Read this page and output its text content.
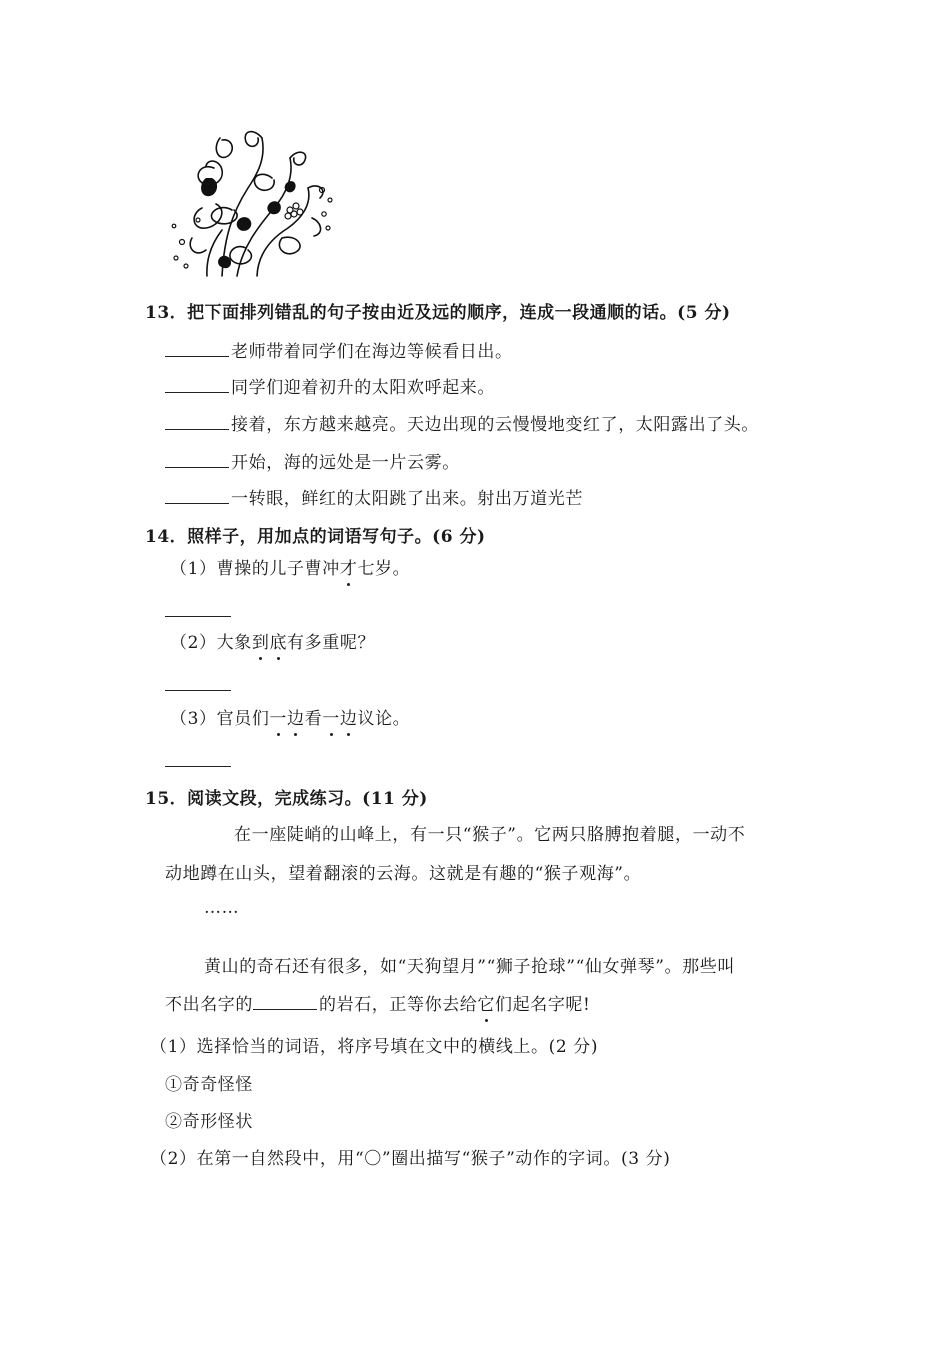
13．把下面排列错乱的句子按由近及远的顺序，连成一段通顺的话。(5 分)
老师带着同学们在海边等候看日出。
同学们迎着初升的太阳欢呼起来。
接着，东方越来越亮。天边出现的云慢慢地变红了，太阳露出了头。
开始，海的远处是一片云雾。
一转眼，鲜红的太阳跳了出来。射出万道光芒
14．照样子，用加点的词语写句子。(6 分)
（1）曹操的儿子曹冲才七岁。
（2）大象到底有多重呢？
（3）官员们一边看一边议论。
15．阅读文段，完成练习。(11 分)
在一座陡峭的山峰上，有一只“猴子”。它两只胳膊抱着腿，一动不
动地蹲在山头，望着翻滚的云海。这就是有趣的“猴子观海”。
……
黄山的奇石还有很多，如“天狗望月”“狮子抢球”“仙女弹琴”。那些叫
不出名字的	的岩石，正等你去给它们起名字呢!
（1）选择恰当的词语，将序号填在文中的横线上。(2 分)
①奇奇怪怪
②奇形怪状
（2）在第一自然段中，用“〇”圈出描写“猴子”动作的字词。(3 分)
